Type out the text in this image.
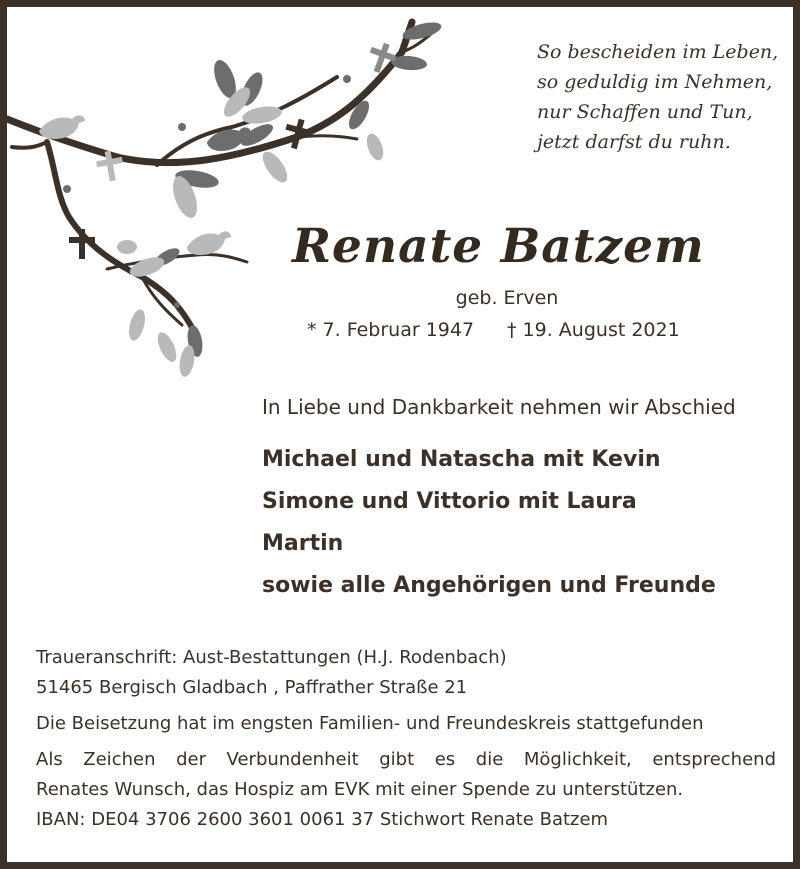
So bescheiden im Leben,
so geduldig im Nehmen,
nur Schaffen und Tun,
jetzt darfst du ruhn.
Renate Batzem
geb. Erven
* 7. Februar 1947 † 19. August 2021
In Liebe und Dankbarkeit nehmen wir Abschied
Michael und Natascha mit Kevin
Simone und Vittorio mit Laura
Martin
sowie alle Angehörigen und Freunde
Traueranschrift: Aust-Bestattungen (H.J. Rodenbach)
51465 Bergisch Gladbach , Paffrather Straße 21
Die Beisetzung hat im engsten Familien- und Freundeskreis stattgefunden
Als Zeichen der Verbundenheit gibt es die Möglichkeit, entsprechend
Renates Wunsch, das Hospiz am EVK mit einer Spende zu unterstützen.
IBAN: DE04 3706 2600 3601 0061 37 Stichwort Renate Batzem
